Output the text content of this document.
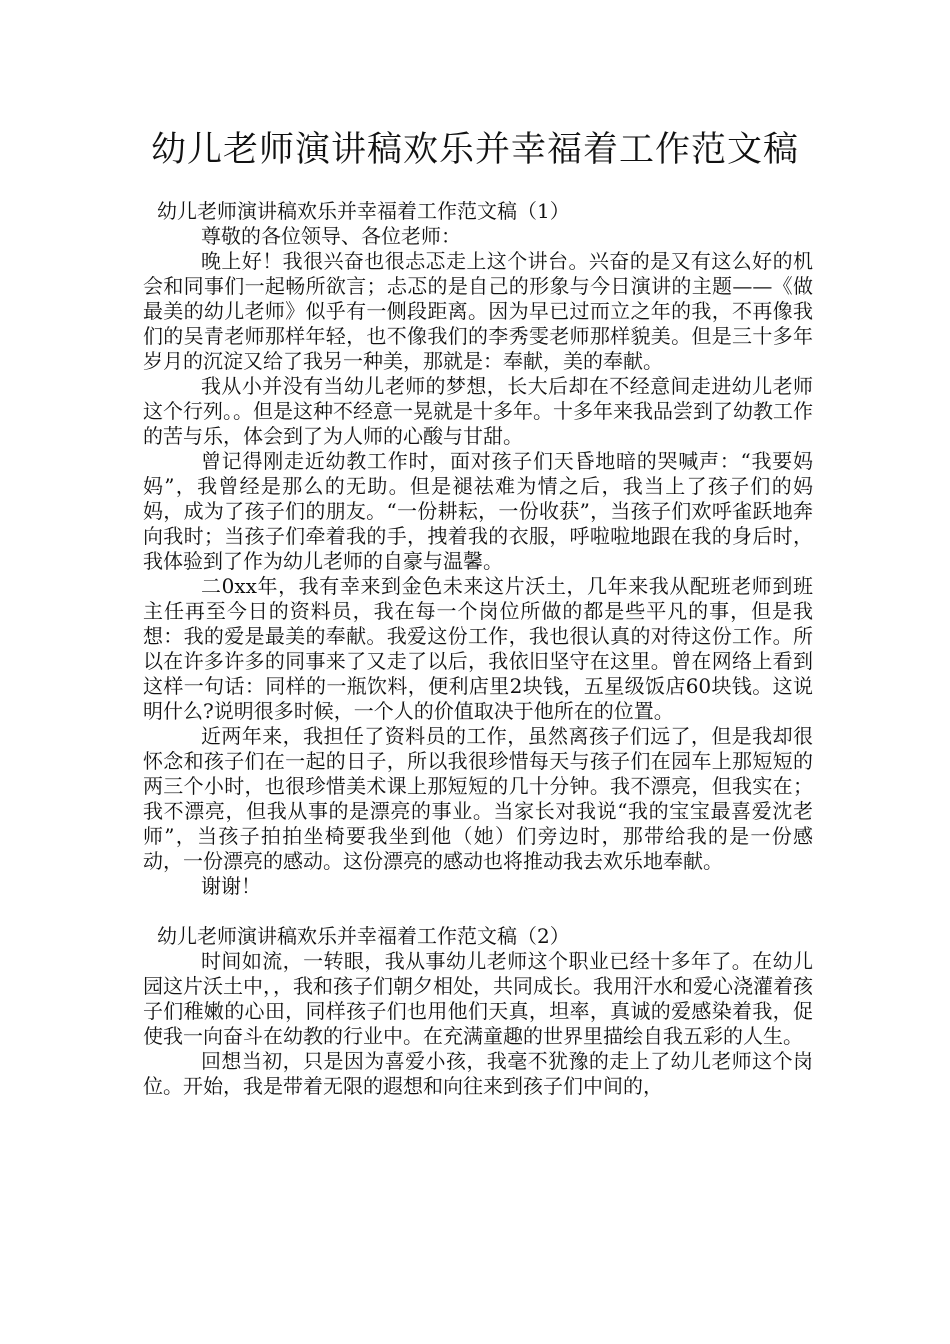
幼儿老师演讲稿欢乐并幸福着工作范文稿

幼儿老师演讲稿欢乐并幸福着工作范文稿（1）

尊敬的各位领导、各位老师：

晚上好！我很兴奋也很忐忑走上这个讲台。兴奋的是又有这么好的机会和同事们一起畅所欲言；忐忑的是自己的形象与今日演讲的主题——《做最美的幼儿老师》似乎有一侧段距离。因为早已过而立之年的我，不再像我们的吴青老师那样年轻，也不像我们的李秀雯老师那样貌美。但是三十多年岁月的沉淀又给了我另一种美，那就是：奉献，美的奉献。

我从小并没有当幼儿老师的梦想，长大后却在不经意间走进幼儿老师这个行列。。但是这种不经意一晃就是十多年。十多年来我品尝到了幼教工作的苦与乐，体会到了为人师的心酸与甘甜。

曾记得刚走近幼教工作时，面对孩子们天昏地暗的哭喊声：“我要妈妈”，我曾经是那么的无助。但是褪祛难为情之后，我当上了孩子们的妈妈，成为了孩子们的朋友。“一份耕耘，一份收获”，当孩子们欢呼雀跃地奔向我时；当孩子们牵着我的手，拽着我的衣服，呼啦啦地跟在我的身后时，我体验到了作为幼儿老师的自豪与温馨。

二0xx年，我有幸来到金色未来这片沃土，几年来我从配班老师到班主任再至今日的资料员，我在每一个岗位所做的都是些平凡的事，但是我想：我的爱是最美的奉献。我爱这份工作，我也很认真的对待这份工作。所以在许多许多的同事来了又走了以后，我依旧坚守在这里。曾在网络上看到这样一句话：同样的一瓶饮料，便利店里2块钱，五星级饭店60块钱。这说明什么?说明很多时候，一个人的价值取决于他所在的位置。

近两年来，我担任了资料员的工作，虽然离孩子们远了，但是我却很怀念和孩子们在一起的日子，所以我很珍惜每天与孩子们在园车上那短短的两三个小时，也很珍惜美术课上那短短的几十分钟。我不漂亮，但我实在；我不漂亮，但我从事的是漂亮的事业。当家长对我说“我的宝宝最喜爱沈老师”，当孩子拍拍坐椅要我坐到他（她）们旁边时，那带给我的是一份感动，一份漂亮的感动。这份漂亮的感动也将推动我去欢乐地奉献。

谢谢！

幼儿老师演讲稿欢乐并幸福着工作范文稿（2）

时间如流，一转眼，我从事幼儿老师这个职业已经十多年了。在幼儿园这片沃土中，，我和孩子们朝夕相处，共同成长。我用汗水和爱心浇灌着孩子们稚嫩的心田，同样孩子们也用他们天真，坦率，真诚的爱感染着我，促使我一向奋斗在幼教的行业中。在充满童趣的世界里描绘自我五彩的人生。

回想当初，只是因为喜爱小孩，我毫不犹豫的走上了幼儿老师这个岗位。开始，我是带着无限的遐想和向往来到孩子们中间的，
